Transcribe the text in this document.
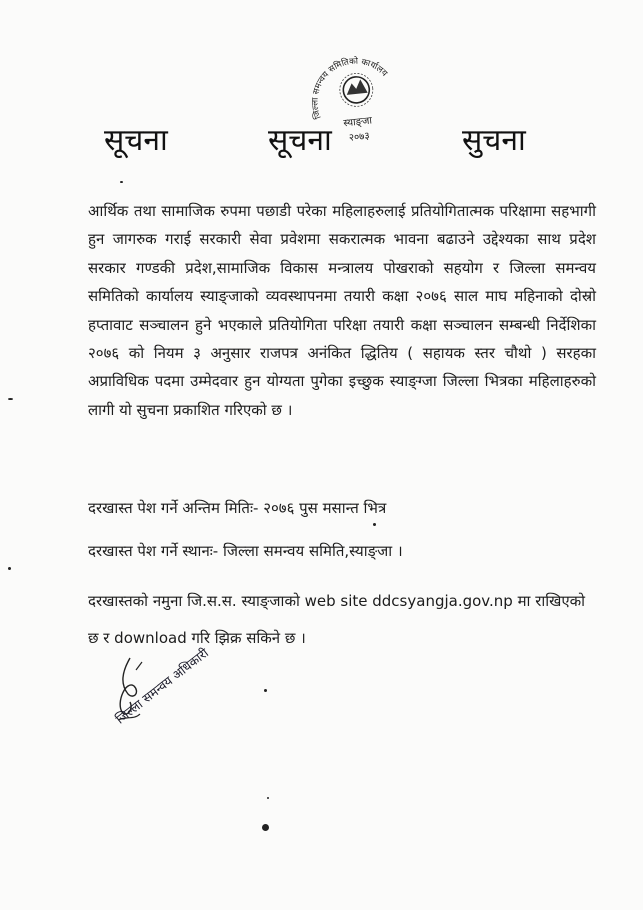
सूचना	सूचना	सुचना
जिल्ला समन्वय समितिको कार्यालय
स्याङ्जा
२०७३
आर्थिक तथा सामाजिक रुपमा पछाडी परेका महिलाहरुलाई प्रतियोगितात्मक परिक्षामा सहभागी हुन जागरुक गराई सरकारी सेवा प्रवेशमा सकरात्मक भावना बढाउने उद्देश्यका साथ प्रदेश सरकार गण्डकी प्रदेश,सामाजिक विकास मन्त्रालय पोखराको सहयोग र जिल्ला समन्वय समितिको कार्यालय स्याङ्जाको व्यवस्थापनमा तयारी कक्षा २०७६ साल माघ महिनाको दोस्रो हप्तावाट सञ्चालन हुने भएकाले प्रतियोगिता परिक्षा तयारी कक्षा सञ्चालन सम्बन्धी निर्देशिका २०७६ को नियम ३ अनुसार राजपत्र अनंकित द्धितिय ( सहायक स्तर चौथो ) सरहका अप्राविधिक पदमा उम्मेदवार हुन योग्यता पुगेका इच्छुक स्याङ्ग्जा जिल्ला भित्रका महिलाहरुको लागी यो सुचना प्रकाशित गरिएको छ ।
दरखास्त पेश गर्ने अन्तिम मितिः- २०७६ पुस मसान्त भित्र
दरखास्त पेश गर्ने स्थानः- जिल्ला समन्वय समिति,स्याङ्जा ।
दरखास्तको नमुना जि.स.स. स्याङ्जाको web site ddcsyangja.gov.np मा राखिएको छ र download गरि झिक्र सकिने छ ।
जिल्ला समन्वय अधिकारी
